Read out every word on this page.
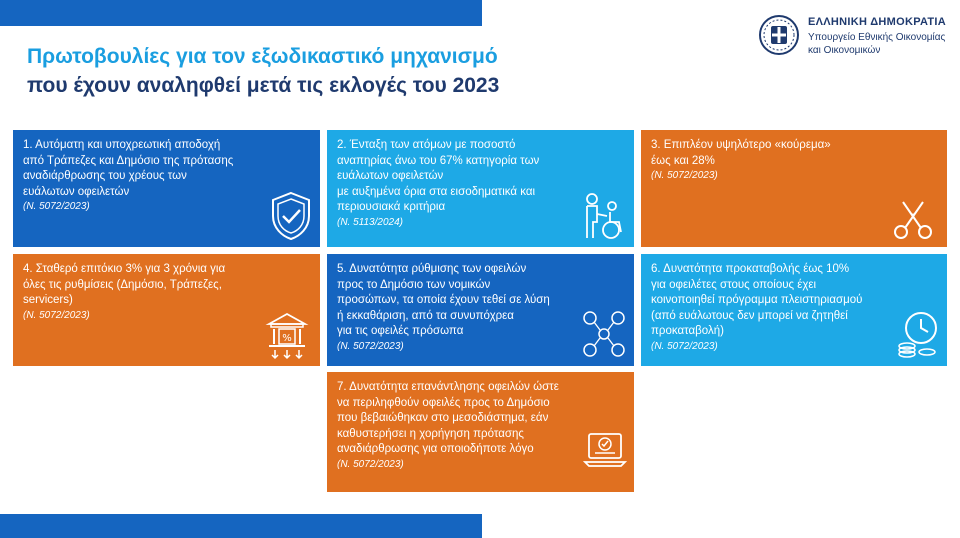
Πρωτοβουλίες για τον εξωδικαστικό μηχανισμό
που έχουν αναληφθεί μετά τις εκλογές του 2023
ΕΛΛΗΝΙΚΗ ΔΗΜΟΚΡΑΤΙΑ
Υπουργείο Εθνικής Οικονομίας
και Οικονομικών
1. Αυτόματη και υποχρεωτική αποδοχή
από Τράπεζες και Δημόσιο της πρότασης
αναδιάρθρωσης του χρέους των
ευάλωτων οφειλετών
(Ν. 5072/2023)
2. Ένταξη των ατόμων με ποσοστό
αναπηρίας άνω του 67% κατηγορία των
ευάλωτων οφειλετών
με αυξημένα όρια στα εισοδηματικά και
περιουσιακά κριτήρια
(Ν. 5113/2024)
3. Επιπλέον υψηλότερο «κούρεμα»
έως και 28%
(Ν. 5072/2023)
4. Σταθερό επιτόκιο 3% για 3 χρόνια για
όλες τις ρυθμίσεις (Δημόσιο, Τράπεζες,
servicers)
(Ν. 5072/2023)
%
5. Δυνατότητα ρύθμισης των οφειλών
προς το Δημόσιο των νομικών
προσώπων, τα οποία έχουν τεθεί σε λύση
ή εκκαθάριση, από τα συνυπόχρεα
για τις οφειλές πρόσωπα
(Ν. 5072/2023)
6. Δυνατότητα προκαταβολής έως 10%
για οφειλέτες στους οποίους έχει
κοινοποιηθεί πρόγραμμα πλειστηριασμού
(από ευάλωτους δεν μπορεί να ζητηθεί
προκαταβολή)
(Ν. 5072/2023)
7. Δυνατότητα επανάντλησης οφειλών ώστε
να περιληφθούν οφειλές προς το Δημόσιο
που βεβαιώθηκαν στο μεσοδιάστημα, εάν
καθυστερήσει η χορήγηση πρότασης
αναδιάρθρωσης για οποιοδήποτε λόγο
(Ν. 5072/2023)
